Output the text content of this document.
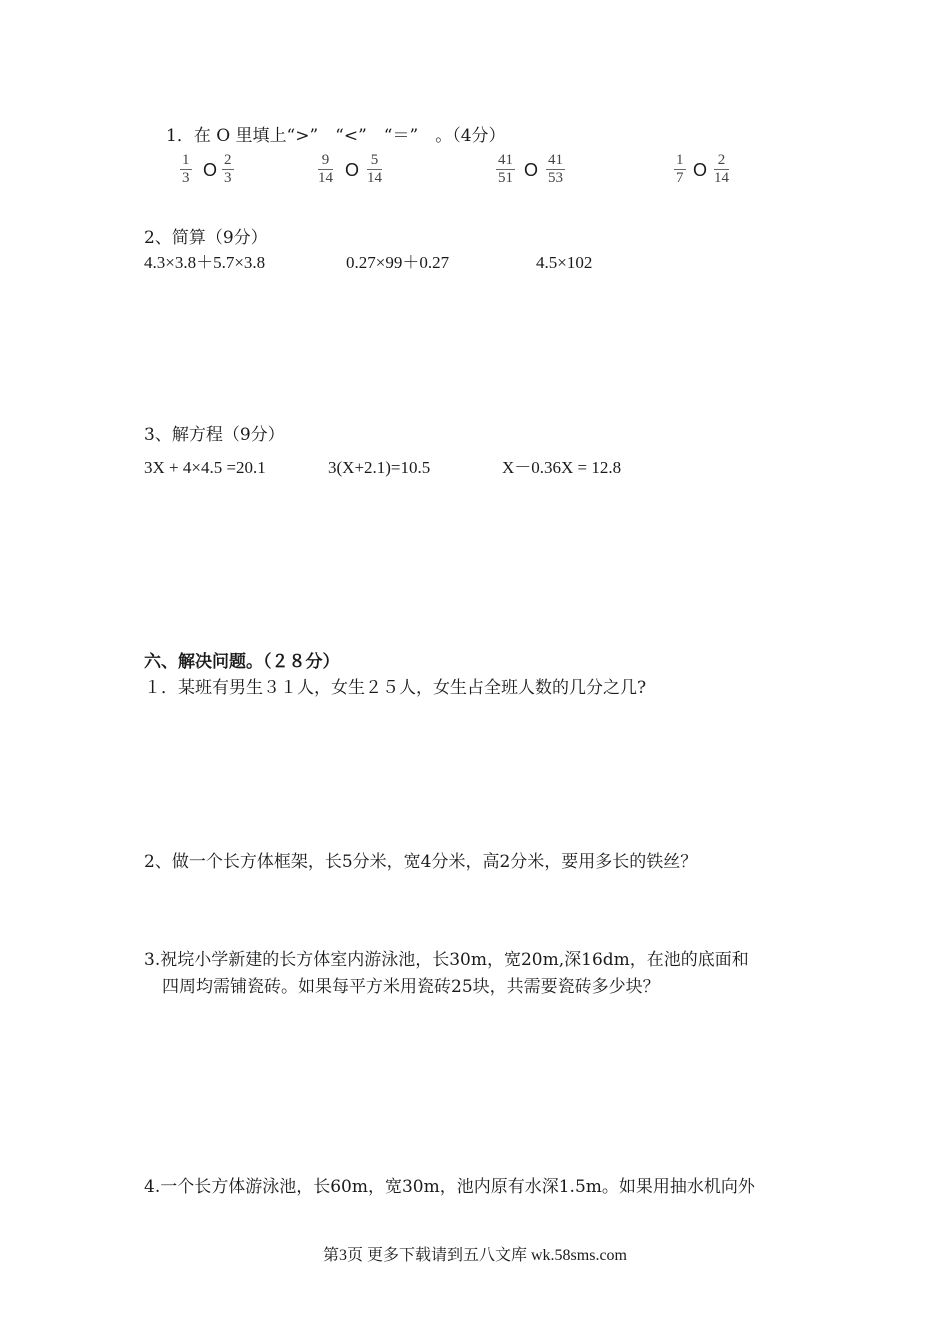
1．在 O 里填上“>”　“<”　“＝”　。（4分）
$\frac{1}{3}$ O $\frac{2}{3}$	$\frac{9}{14}$ O $\frac{5}{14}$	$\frac{41}{51}$ O $\frac{41}{53}$	$\frac{1}{7}$ O $\frac{2}{14}$
2、简算（9分）
4.3×3.8＋5.7×3.8	0.27×99＋0.27	4.5×102
3、解方程（9分）
3X + 4×4.5 =20.1	3(X+2.1)=10.5	X－0.36X = 12.8
六、解决问题。（２８分）
１．某班有男生３１人，女生２５人，女生占全班人数的几分之几?
2、做一个长方体框架，长5分米，宽4分米，高2分米，要用多长的铁丝？
3.祝垸小学新建的长方体室内游泳池，长30m，宽20m,深16dm，在池的底面和
四周均需铺瓷砖。如果每平方米用瓷砖25块，共需要瓷砖多少块？
4.一个长方体游泳池，长60m，宽30m，池内原有水深1.5m。如果用抽水机向外
第3页 更多下载请到五八文库 wk.58sms.com
